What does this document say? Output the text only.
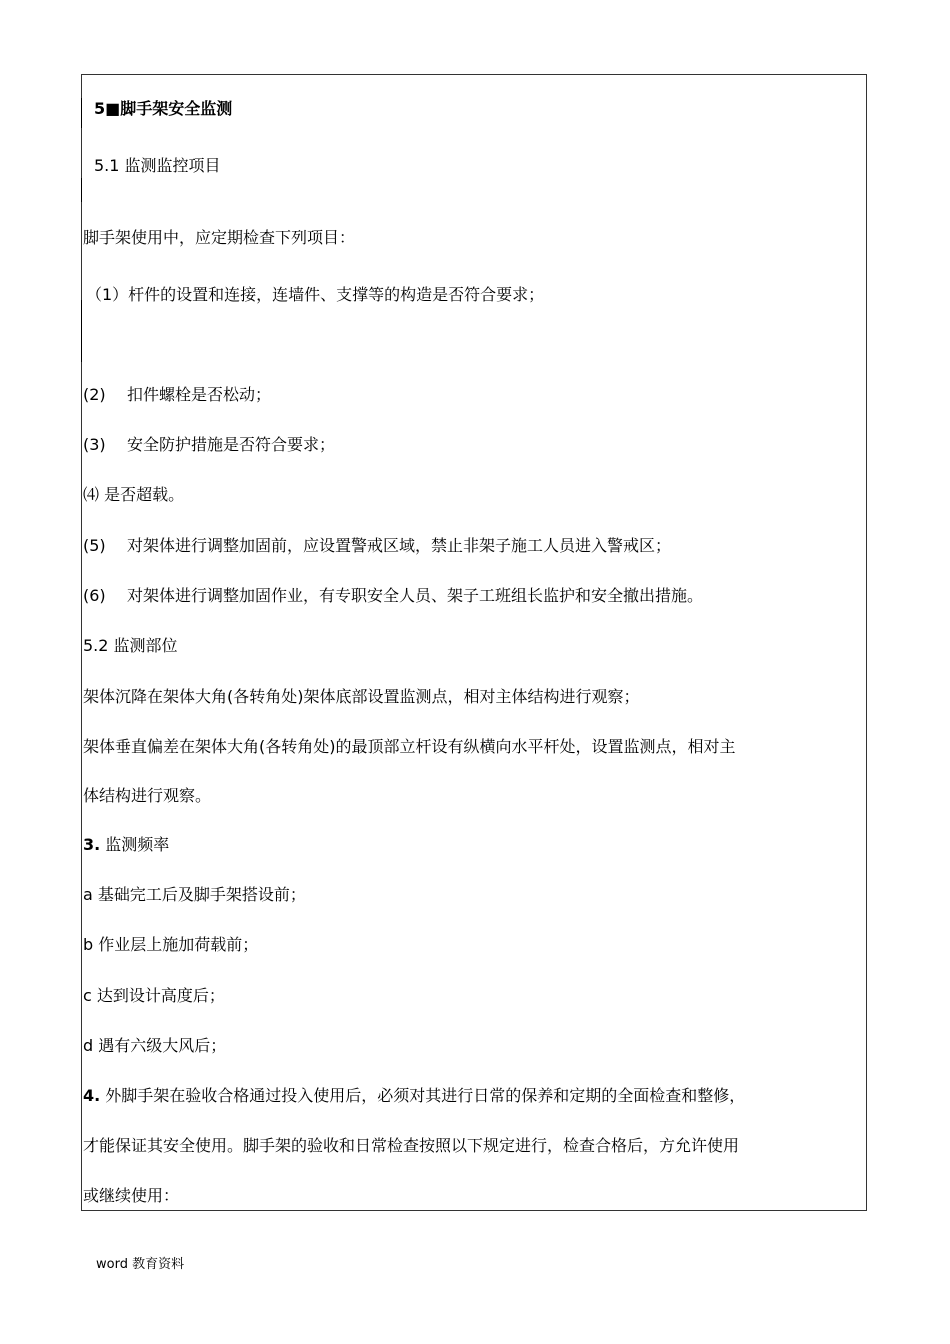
5■脚手架安全监测
5.1 监测监控项目
脚手架使用中，应定期检查下列项目：
（1）杆件的设置和连接，连墙件、支撑等的构造是否符合要求；
(2) 扣件螺栓是否松动；
(3) 安全防护措施是否符合要求；
⑷ 是否超载。
(5) 对架体进行调整加固前，应设置警戒区域，禁止非架子施工人员进入警戒区；
(6) 对架体进行调整加固作业，有专职安全人员、架子工班组长监护和安全撤出措施。
5.2 监测部位
架体沉降在架体大角(各转角处)架体底部设置监测点，相对主体结构进行观察；
架体垂直偏差在架体大角(各转角处)的最顶部立杆设有纵横向水平杆处，设置监测点，相对主
体结构进行观察。
3. 监测频率
a 基础完工后及脚手架搭设前；
b 作业层上施加荷载前；
c 达到设计高度后；
d 遇有六级大风后；
4. 外脚手架在验收合格通过投入使用后，必须对其进行日常的保养和定期的全面检查和整修，
才能保证其安全使用。脚手架的验收和日常检查按照以下规定进行，检查合格后，方允许使用
或继续使用：
word 教育资料
